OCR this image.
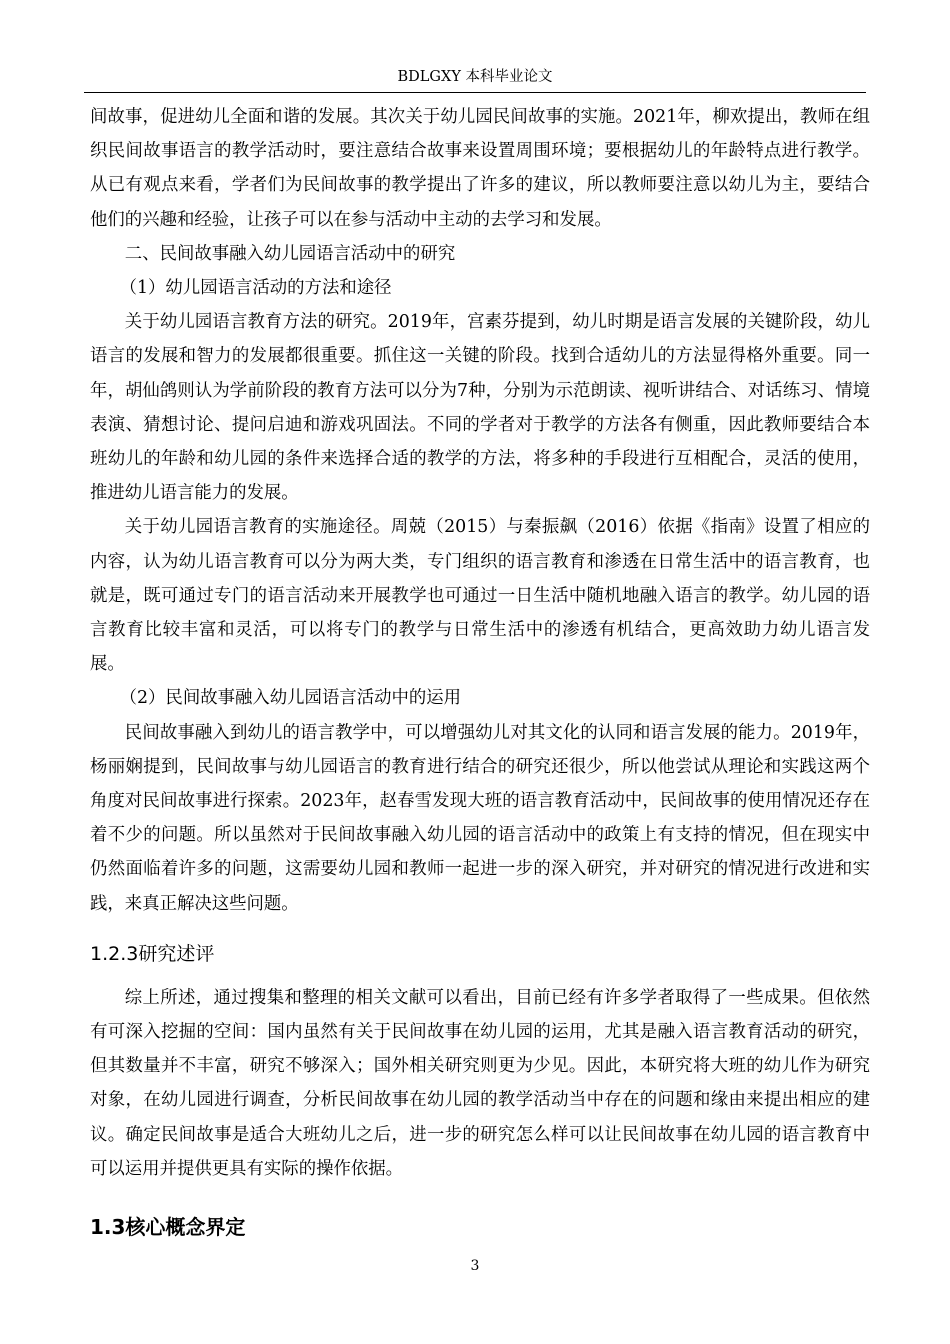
BDLGXY 本科毕业论文

间故事，促进幼儿全面和谐的发展。其次关于幼儿园民间故事的实施。2021年，柳欢提出，教师在组织民间故事语言的教学活动时，要注意结合故事来设置周围环境；要根据幼儿的年龄特点进行教学。从已有观点来看，学者们为民间故事的教学提出了许多的建议，所以教师要注意以幼儿为主，要结合他们的兴趣和经验，让孩子可以在参与活动中主动的去学习和发展。

二、民间故事融入幼儿园语言活动中的研究

（1）幼儿园语言活动的方法和途径

关于幼儿园语言教育方法的研究。2019年，宫素芬提到，幼儿时期是语言发展的关键阶段，幼儿语言的发展和智力的发展都很重要。抓住这一关键的阶段。找到合适幼儿的方法显得格外重要。同一年，胡仙鸽则认为学前阶段的教育方法可以分为7种，分别为示范朗读、视听讲结合、对话练习、情境表演、猜想讨论、提问启迪和游戏巩固法。不同的学者对于教学的方法各有侧重，因此教师要结合本班幼儿的年龄和幼儿园的条件来选择合适的教学的方法，将多种的手段进行互相配合，灵活的使用，推进幼儿语言能力的发展。

关于幼儿园语言教育的实施途径。周兢（2015）与秦振飙（2016）依据《指南》设置了相应的内容，认为幼儿语言教育可以分为两大类，专门组织的语言教育和渗透在日常生活中的语言教育，也就是，既可通过专门的语言活动来开展教学也可通过一日生活中随机地融入语言的教学。幼儿园的语言教育比较丰富和灵活，可以将专门的教学与日常生活中的渗透有机结合，更高效助力幼儿语言发展。

（2）民间故事融入幼儿园语言活动中的运用

民间故事融入到幼儿的语言教学中，可以增强幼儿对其文化的认同和语言发展的能力。2019年，杨丽娴提到，民间故事与幼儿园语言的教育进行结合的研究还很少，所以他尝试从理论和实践这两个角度对民间故事进行探索。2023年，赵春雪发现大班的语言教育活动中，民间故事的使用情况还存在着不少的问题。所以虽然对于民间故事融入幼儿园的语言活动中的政策上有支持的情况，但在现实中仍然面临着许多的问题，这需要幼儿园和教师一起进一步的深入研究，并对研究的情况进行改进和实践，来真正解决这些问题。

1.2.3研究述评

综上所述，通过搜集和整理的相关文献可以看出，目前已经有许多学者取得了一些成果。但依然有可深入挖掘的空间：国内虽然有关于民间故事在幼儿园的运用，尤其是融入语言教育活动的研究，但其数量并不丰富，研究不够深入；国外相关研究则更为少见。因此，本研究将大班的幼儿作为研究对象，在幼儿园进行调查，分析民间故事在幼儿园的教学活动当中存在的问题和缘由来提出相应的建议。确定民间故事是适合大班幼儿之后，进一步的研究怎么样可以让民间故事在幼儿园的语言教育中可以运用并提供更具有实际的操作依据。

1.3核心概念界定
3
